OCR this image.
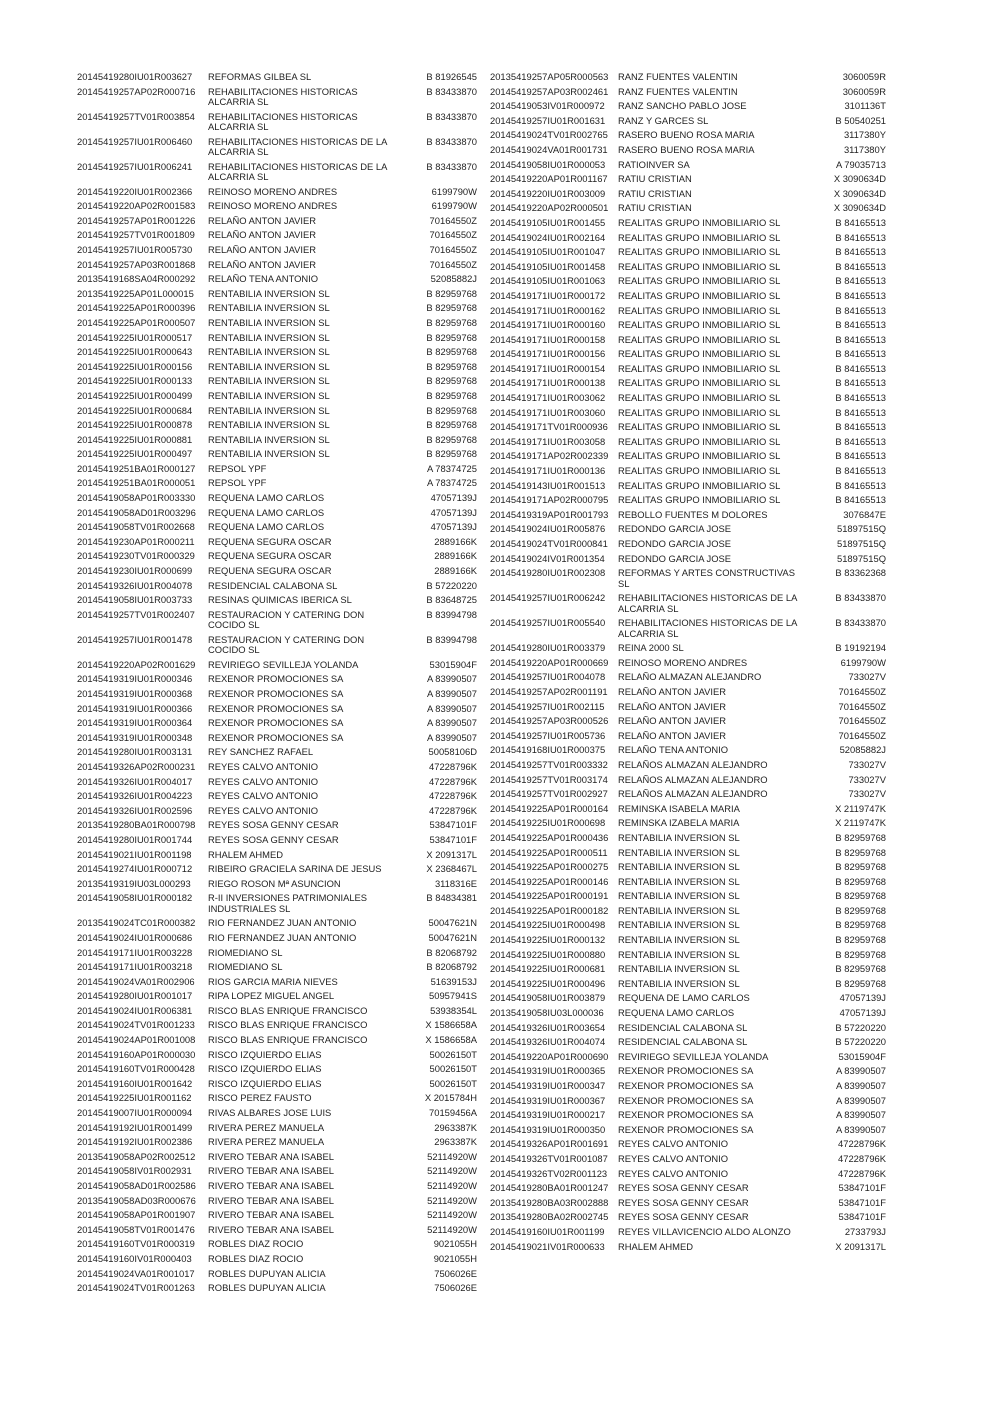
20145419280IU01R003627	REFORMAS GILBEA SL	B 81926545
20145419257AP02R000716	REHABILITACIONES HISTORICAS ALCARRIA SL
B 83433870
20145419257TV01R003854	REHABILITACIONES HISTORICAS ALCARRIA SL
B 83433870
20145419257IU01R006460	REHABILITACIONES HISTORICAS DE LA ALCARRIA SL
B 83433870
20145419257IU01R006241	REHABILITACIONES HISTORICAS DE LA ALCARRIA SL
B 83433870
20145419220IU01R002366	REINOSO MORENO ANDRES	6199790W
20145419220AP02R001583	REINOSO MORENO ANDRES	6199790W
20145419257AP01R001226	RELAÑO ANTON JAVIER	70164550Z
20145419257TV01R001809	RELAÑO ANTON JAVIER	70164550Z
20145419257IU01R005730	RELAÑO ANTON JAVIER	70164550Z
20145419257AP03R001868	RELAÑO ANTON JAVIER	70164550Z
20135419168SA04R000292	RELAÑO TENA ANTONIO	52085882J
20135419225AP01L000015	RENTABILIA INVERSION SL	B 82959768
20145419225AP01R000396	RENTABILIA INVERSION SL	B 82959768
20145419225AP01R000507	RENTABILIA INVERSION SL	B 82959768
20145419225IU01R000517	RENTABILIA INVERSION SL	B 82959768
20145419225IU01R000643	RENTABILIA INVERSION SL	B 82959768
20145419225IU01R000156	RENTABILIA INVERSION SL	B 82959768
20145419225IU01R000133	RENTABILIA INVERSION SL	B 82959768
20145419225IU01R000499	RENTABILIA INVERSION SL	B 82959768
20145419225IU01R000684	RENTABILIA INVERSION SL	B 82959768
20145419225IU01R000878	RENTABILIA INVERSION SL	B 82959768
20145419225IU01R000881	RENTABILIA INVERSION SL	B 82959768
20145419225IU01R000497	RENTABILIA INVERSION SL	B 82959768
20145419251BA01R000127	REPSOL YPF	A 78374725
20145419251BA01R000051	REPSOL YPF	A 78374725
20145419058AP01R003330	REQUENA LAMO CARLOS	47057139J
20145419058AD01R003296	REQUENA LAMO CARLOS	47057139J
20145419058TV01R002668	REQUENA LAMO CARLOS	47057139J
20145419230AP01R000211	REQUENA SEGURA OSCAR	2889166K
20145419230TV01R000329	REQUENA SEGURA OSCAR	2889166K
20145419230IU01R000699	REQUENA SEGURA OSCAR	2889166K
20145419326IU01R004078	RESIDENCIAL CALABONA SL	B 57220220
20145419058IU01R003733	RESINAS QUIMICAS IBERICA SL	B 83648725
20145419257TV01R002407	RESTAURACION Y CATERING DON COCIDO SL
B 83994798
20145419257IU01R001478	RESTAURACION Y CATERING DON COCIDO SL
B 83994798
20145419220AP02R001629	REVIRIEGO SEVILLEJA YOLANDA	53015904F
20145419319IU01R000346	REXENOR PROMOCIONES SA	A 83990507
20145419319IU01R000368	REXENOR PROMOCIONES SA	A 83990507
20145419319IU01R000366	REXENOR PROMOCIONES SA	A 83990507
20145419319IU01R000364	REXENOR PROMOCIONES SA	A 83990507
20145419319IU01R000348	REXENOR PROMOCIONES SA	A 83990507
20145419280IU01R003131	REY SANCHEZ RAFAEL	50058106D
20145419326AP02R000231	REYES CALVO ANTONIO	47228796K
20145419326IU01R004017	REYES CALVO ANTONIO	47228796K
20145419326IU01R004223	REYES CALVO ANTONIO	47228796K
20145419326IU01R002596	REYES CALVO ANTONIO	47228796K
20135419280BA01R000798	REYES SOSA GENNY CESAR	53847101F
20145419280IU01R001744	REYES SOSA GENNY CESAR	53847101F
20145419021IU01R001198	RHALEM AHMED	X 2091317L
20145419274IU01R000712	RIBEIRO GRACIELA SARINA DE JESUS	X 2368467L
20135419319IU03L000293	RIEGO ROSON Mª ASUNCION	3118316E
20145419058IU01R000182	R-II INVERSIONES PATRIMONIALES INDUSTRIALES SL
B 84834381
20135419024TC01R000382	RIO FERNANDEZ JUAN ANTONIO	50047621N
20145419024IU01R000686	RIO FERNANDEZ JUAN ANTONIO	50047621N
20145419171IU01R003228	RIOMEDIANO SL	B 82068792
20145419171IU01R003218	RIOMEDIANO SL	B 82068792
20145419024VA01R002906	RIOS GARCIA MARIA NIEVES	51639153J
20145419280IU01R001017	RIPA LOPEZ MIGUEL ANGEL	50957941S
20145419024IU01R006381	RISCO BLAS ENRIQUE FRANCISCO	53938354L
20145419024TV01R001233	RISCO BLAS ENRIQUE FRANCISCO	X 1586658A
20145419024AP01R001008	RISCO BLAS ENRIQUE FRANCISCO	X 1586658A
20145419160AP01R000030	RISCO IZQUIERDO ELIAS	50026150T
20145419160TV01R000428	RISCO IZQUIERDO ELIAS	50026150T
20145419160IU01R001642	RISCO IZQUIERDO ELIAS	50026150T
20145419225IU01R001162	RISCO PEREZ FAUSTO	X 2015784H
20145419007IU01R000094	RIVAS ALBARES JOSE LUIS	70159456A
20145419192IU01R001499	RIVERA PEREZ MANUELA	2963387K
20145419192IU01R002386	RIVERA PEREZ MANUELA	2963387K
20135419058AP02R002512	RIVERO TEBAR ANA ISABEL	52114920W
20145419058IV01R002931	RIVERO TEBAR ANA ISABEL	52114920W
20145419058AD01R002586	RIVERO TEBAR ANA ISABEL	52114920W
20135419058AD03R000676	RIVERO TEBAR ANA ISABEL	52114920W
20145419058AP01R001907	RIVERO TEBAR ANA ISABEL	52114920W
20145419058TV01R001476	RIVERO TEBAR ANA ISABEL	52114920W
20145419160TV01R000319	ROBLES DIAZ ROCIO	9021055H
20145419160IV01R000403	ROBLES DIAZ ROCIO	9021055H
20145419024VA01R001017	ROBLES DUPUYAN ALICIA	7506026E
20145419024TV01R001263	ROBLES DUPUYAN ALICIA	7506026E
20135419257AP05R000563	RANZ FUENTES VALENTIN	3060059R
20145419257AP03R002461	RANZ FUENTES VALENTIN	3060059R
20145419053IV01R000972	RANZ SANCHO PABLO JOSE	3101136T
20145419257IU01R001631	RANZ Y GARCES SL	B 50540251
20145419024TV01R002765	RASERO BUENO ROSA MARIA	3117380Y
20145419024VA01R001731	RASERO BUENO ROSA MARIA	3117380Y
20145419058IU01R000053	RATIOINVER SA	A 79035713
20145419220AP01R001167	RATIU CRISTIAN	X 3090634D
20145419220IU01R003009	RATIU CRISTIAN	X 3090634D
20145419220AP02R000501	RATIU CRISTIAN	X 3090634D
20145419105IU01R001455	REALITAS GRUPO INMOBILIARIO SL	B 84165513
20145419024IU01R002164	REALITAS GRUPO INMOBILIARIO SL	B 84165513
20145419105IU01R001047	REALITAS GRUPO INMOBILIARIO SL	B 84165513
20145419105IU01R001458	REALITAS GRUPO INMOBILIARIO SL	B 84165513
20145419105IU01R001063	REALITAS GRUPO INMOBILIARIO SL	B 84165513
20145419171IU01R000172	REALITAS GRUPO INMOBILIARIO SL	B 84165513
20145419171IU01R000162	REALITAS GRUPO INMOBILIARIO SL	B 84165513
20145419171IU01R000160	REALITAS GRUPO INMOBILIARIO SL	B 84165513
20145419171IU01R000158	REALITAS GRUPO INMOBILIARIO SL	B 84165513
20145419171IU01R000156	REALITAS GRUPO INMOBILIARIO SL	B 84165513
20145419171IU01R000154	REALITAS GRUPO INMOBILIARIO SL	B 84165513
20145419171IU01R000138	REALITAS GRUPO INMOBILIARIO SL	B 84165513
20145419171IU01R003062	REALITAS GRUPO INMOBILIARIO SL	B 84165513
20145419171IU01R003060	REALITAS GRUPO INMOBILIARIO SL	B 84165513
20145419171TV01R000936	REALITAS GRUPO INMOBILIARIO SL	B 84165513
20145419171IU01R003058	REALITAS GRUPO INMOBILIARIO SL	B 84165513
20145419171AP02R002339	REALITAS GRUPO INMOBILIARIO SL	B 84165513
20145419171IU01R000136	REALITAS GRUPO INMOBILIARIO SL	B 84165513
20145419143IU01R001513	REALITAS GRUPO INMOBILIARIO SL	B 84165513
20145419171AP02R000795	REALITAS GRUPO INMOBILIARIO SL	B 84165513
20145419319AP01R001793	REBOLLO FUENTES M DOLORES	3076847E
20145419024IU01R005876	REDONDO GARCIA JOSE	51897515Q
20145419024TV01R000841	REDONDO GARCIA JOSE	51897515Q
20145419024IV01R001354	REDONDO GARCIA JOSE	51897515Q
20145419280IU01R002308	REFORMAS Y ARTES CONSTRUCTIVAS SL
B 83362368
20145419257IU01R006242	REHABILITACIONES HISTORICAS DE LA ALCARRIA SL
B 83433870
20145419257IU01R005540	REHABILITACIONES HISTORICAS DE LA ALCARRIA SL
B 83433870
20145419280IU01R003379	REINA 2000 SL	B 19192194
20145419220AP01R000669	REINOSO MORENO ANDRES	6199790W
20145419257IU01R004078	RELAÑO ALMAZAN ALEJANDRO	733027V
20145419257AP02R001191	RELAÑO ANTON JAVIER	70164550Z
20145419257IU01R002115	RELAÑO ANTON JAVIER	70164550Z
20145419257AP03R000526	RELAÑO ANTON JAVIER	70164550Z
20145419257IU01R005736	RELAÑO ANTON JAVIER	70164550Z
20145419168IU01R000375	RELAÑO TENA ANTONIO	52085882J
20145419257TV01R003332	RELAÑOS ALMAZAN ALEJANDRO	733027V
20145419257TV01R003174	RELAÑOS ALMAZAN ALEJANDRO	733027V
20145419257TV01R002927	RELAÑOS ALMAZAN ALEJANDRO	733027V
20145419225AP01R000164	REMINSKA ISABELA MARIA	X 2119747K
20145419225IU01R000698	REMINSKA IZABELA MARIA	X 2119747K
20145419225AP01R000436	RENTABILIA INVERSION SL	B 82959768
20145419225AP01R000511	RENTABILIA INVERSION SL	B 82959768
20145419225AP01R000275	RENTABILIA INVERSION SL	B 82959768
20145419225AP01R000146	RENTABILIA INVERSION SL	B 82959768
20145419225AP01R000191	RENTABILIA INVERSION SL	B 82959768
20145419225AP01R000182	RENTABILIA INVERSION SL	B 82959768
20145419225IU01R000498	RENTABILIA INVERSION SL	B 82959768
20145419225IU01R000132	RENTABILIA INVERSION SL	B 82959768
20145419225IU01R000880	RENTABILIA INVERSION SL	B 82959768
20145419225IU01R000681	RENTABILIA INVERSION SL	B 82959768
20145419225IU01R000496	RENTABILIA INVERSION SL	B 82959768
20145419058IU01R003879	REQUENA DE LAMO CARLOS	47057139J
20135419058IU03L000036	REQUENA LAMO CARLOS	47057139J
20145419326IU01R003654	RESIDENCIAL CALABONA SL	B 57220220
20145419326IU01R004074	RESIDENCIAL CALABONA SL	B 57220220
20145419220AP01R000690	REVIRIEGO SEVILLEJA YOLANDA	53015904F
20145419319IU01R000365	REXENOR PROMOCIONES SA	A 83990507
20145419319IU01R000347	REXENOR PROMOCIONES SA	A 83990507
20145419319IU01R000367	REXENOR PROMOCIONES SA	A 83990507
20145419319IU01R000217	REXENOR PROMOCIONES SA	A 83990507
20145419319IU01R000350	REXENOR PROMOCIONES SA	A 83990507
20145419326AP01R001691	REYES CALVO ANTONIO	47228796K
20145419326TV01R001087	REYES CALVO ANTONIO	47228796K
20145419326TV02R001123	REYES CALVO ANTONIO	47228796K
20145419280BA01R001247	REYES SOSA GENNY CESAR	53847101F
20135419280BA03R002888	REYES SOSA GENNY CESAR	53847101F
20135419280BA02R002745	REYES SOSA GENNY CESAR	53847101F
20145419160IU01R001199	REYES VILLAVICENCIO ALDO ALONZO	2733793J
20145419021IV01R000633	RHALEM AHMED	X 2091317L
